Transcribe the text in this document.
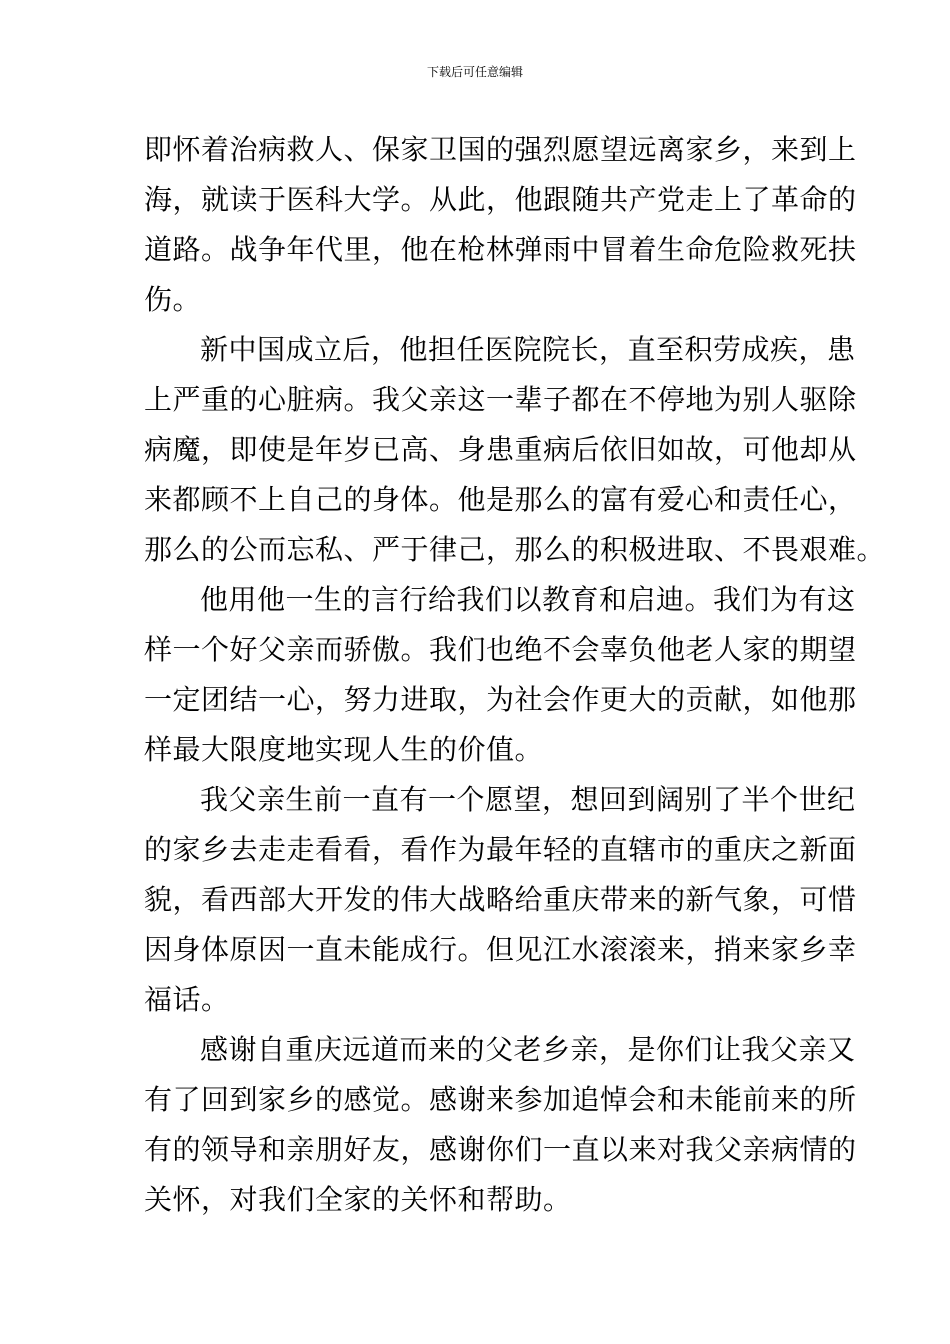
下载后可任意编辑
即怀着治病救人、保家卫国的强烈愿望远离家乡，来到上
海，就读于医科大学。从此，他跟随共产党走上了革命的
道路。战争年代里，他在枪林弹雨中冒着生命危险救死扶
伤。
新中国成立后，他担任医院院长，直至积劳成疾，患
上严重的心脏病。我父亲这一辈子都在不停地为别人驱除
病魔，即使是年岁已高、身患重病后依旧如故，可他却从
来都顾不上自己的身体。他是那么的富有爱心和责任心，
那么的公而忘私、严于律己，那么的积极进取、不畏艰难。
他用他一生的言行给我们以教育和启迪。我们为有这
样一个好父亲而骄傲。我们也绝不会辜负他老人家的期望
一定团结一心，努力进取，为社会作更大的贡献，如他那
样最大限度地实现人生的价值。
我父亲生前一直有一个愿望，想回到阔别了半个世纪
的家乡去走走看看，看作为最年轻的直辖市的重庆之新面
貌，看西部大开发的伟大战略给重庆带来的新气象，可惜
因身体原因一直未能成行。但见江水滚滚来，捎来家乡幸
福话。
感谢自重庆远道而来的父老乡亲，是你们让我父亲又
有了回到家乡的感觉。感谢来参加追悼会和未能前来的所
有的领导和亲朋好友，感谢你们一直以来对我父亲病情的
关怀，对我们全家的关怀和帮助。
